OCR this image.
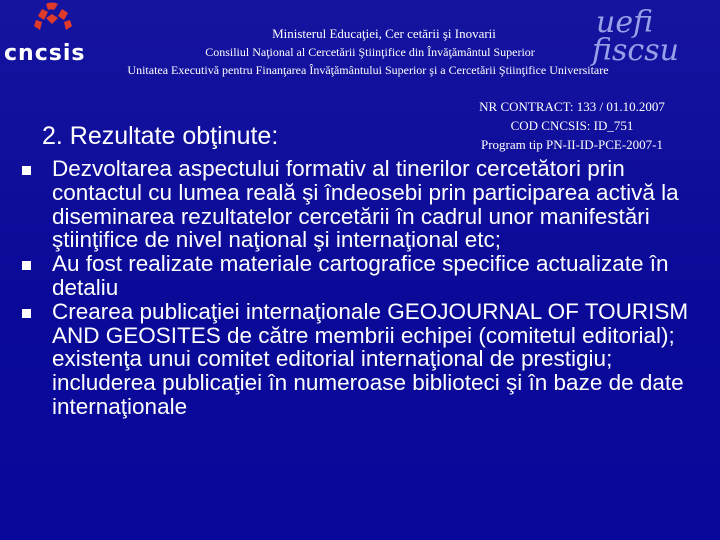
cncsis
Ministerul Educaţiei, Cer cetării şi Inovarii
Consiliul Naţional al Cercetării Ştiinţifice din Învăţământul Superior
Unitatea Executivă pentru Finanţarea Învăţământului Superior şi a Cercetării Ştiinţifice Universitare
uefi
fiscsu
NR CONTRACT: 133 / 01.10.2007
COD CNCSIS: ID_751
Program tip PN-II-ID-PCE-2007-1
2. Rezultate obţinute:
Dezvoltarea aspectului formativ al tinerilor cercetători prin contactul cu lumea reală şi îndeosebi prin participarea activă la diseminarea rezultatelor cercetării în cadrul unor manifestări ştiinţifice de nivel naţional şi internaţional etc;
Au fost realizate materiale cartografice specifice actualizate în detaliu
Crearea publicaţiei internaţionale GEOJOURNAL OF TOURISM AND GEOSITES de către membrii echipei (comitetul editorial); existenţa unui comitet editorial internaţional de prestigiu; includerea publicaţiei în numeroase biblioteci şi în baze de date internaţionale
